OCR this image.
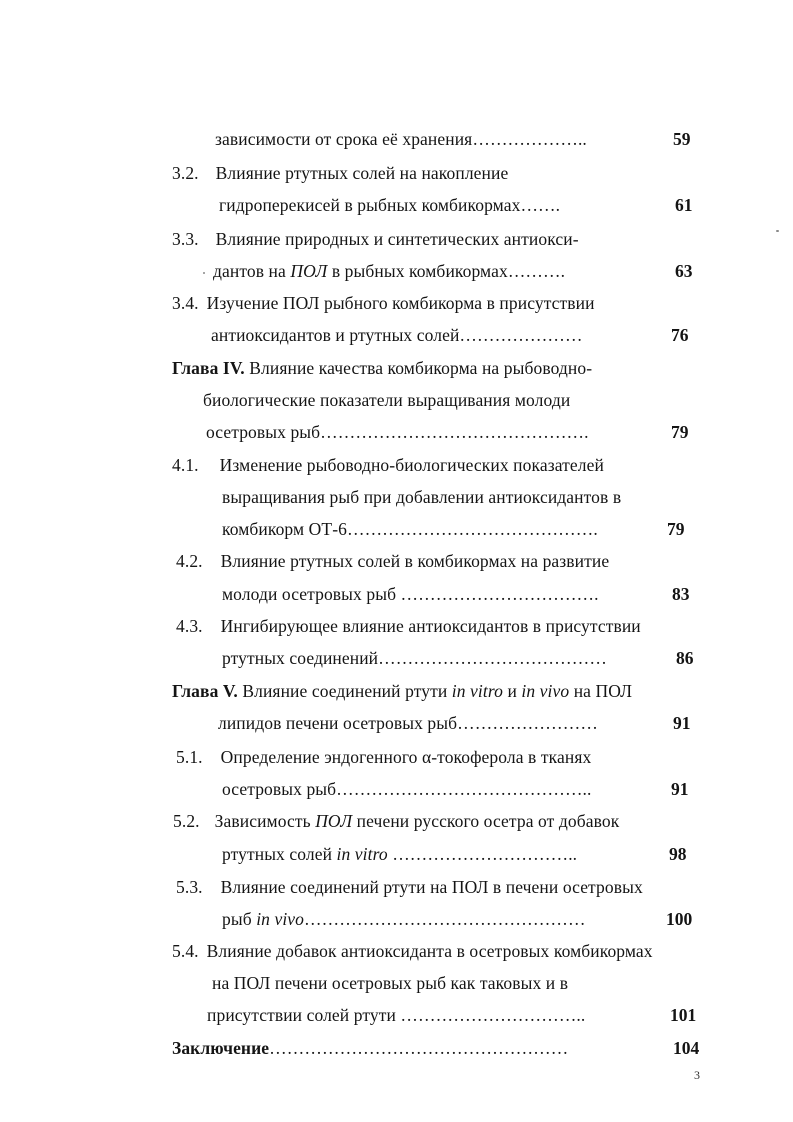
зависимости от срока её хранения………………..	59
3.2. Влияние ртутных солей на накопление
гидроперекисей в рыбных комбикормах…….	61
3.3. Влияние природных и синтетических антиокси-
дантов на ПОЛ в рыбных комбикормах……….	63
3.4. Изучение ПОЛ рыбного комбикорма в присутствии
антиоксидантов и ртутных солей…………………	76
Глава IV. Влияние качества комбикорма на рыбоводно-
биологические показатели выращивания молоди
осетровых рыб……………………………………….	79
4.1. Изменение рыбоводно-биологических показателей
выращивания рыб при добавлении антиоксидантов в
комбикорм ОТ-6…………………………………….	79
4.2. Влияние ртутных солей в комбикормах на развитие
молоди осетровых рыб …………………………….	83
4.3. Ингибирующее влияние антиоксидантов в присутствии
ртутных соединений…………………………………	86
Глава V. Влияние соединений ртути in vitro и in vivo на ПОЛ
липидов печени осетровых рыб……………………	91
5.1. Определение эндогенного α-токоферола в тканях
осетровых рыб……………………………………..	91
5.2. Зависимость ПОЛ печени русского осетра от добавок
ртутных солей in vitro …………………………..	98
5.3. Влияние соединений ртути на ПОЛ в печени осетровых
рыб in vivo…………………………………………	100
5.4. Влияние добавок антиоксиданта в осетровых комбикормах
на ПОЛ печени осетровых рыб как таковых и в
присутствии солей ртути …………………………..	101
Заключение……………………………………………	104
3
